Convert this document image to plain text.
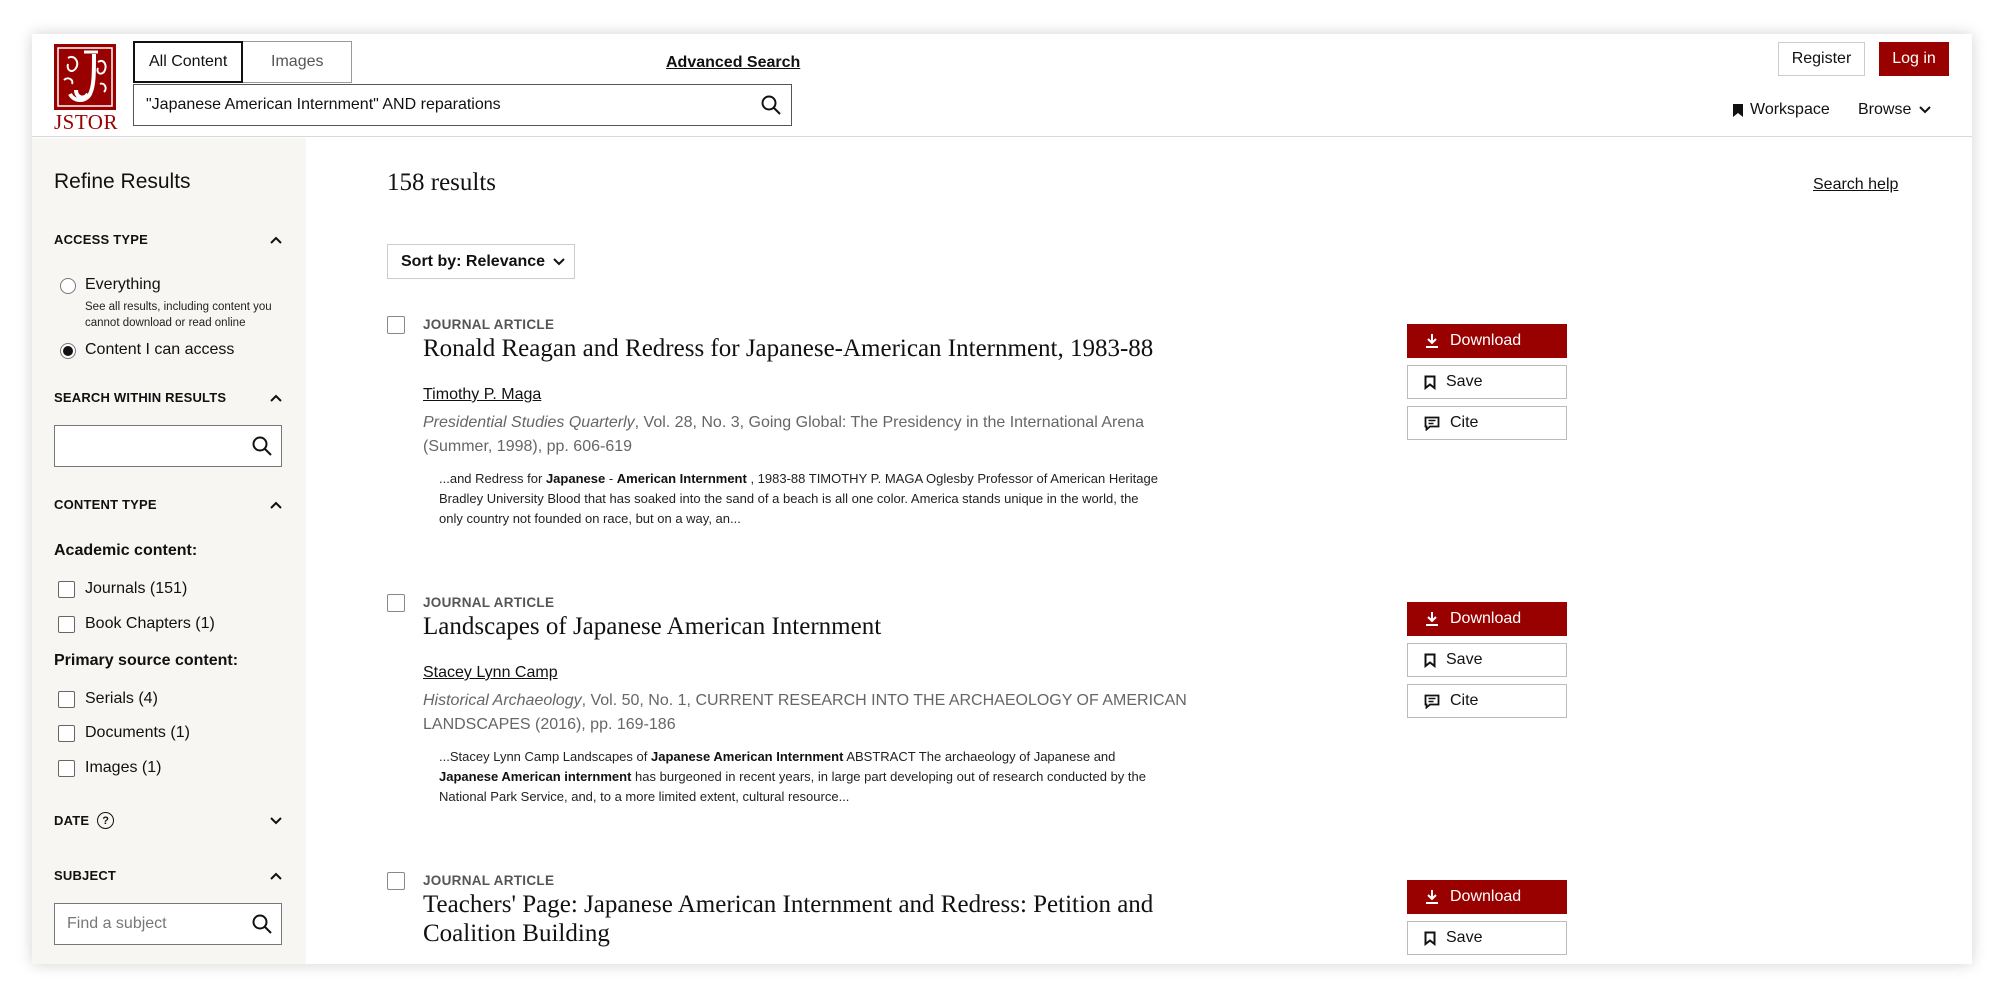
JSTOR
All Content	Images	Advanced Search
"Japanese American Internment" AND reparations
Register	Log in
Workspace Browse
Refine Results
ACCESS TYPE
Everything
See all results, including content you cannot download or read online
Content I can access
SEARCH WITHIN RESULTS
CONTENT TYPE
Academic content:
Journals (151)
Book Chapters (1)
Primary source content:
Serials (4)
Documents (1)
Images (1)
DATE	?
SUBJECT
Find a subject
158 results	Search help
Sort by: Relevance
JOURNAL ARTICLE
Ronald Reagan and Redress for Japanese-American Internment, 1983-88
Timothy P. Maga
Presidential Studies Quarterly, Vol. 28, No. 3, Going Global: The Presidency in the International Arena (Summer, 1998), pp. 606-619
...and Redress for Japanese - American Internment , 1983-88 TIMOTHY P. MAGA Oglesby Professor of American Heritage Bradley University Blood that has soaked into the sand of a beach is all one color. America stands unique in the world, the only country not founded on race, but on a way, an...
Download
Save
Cite
JOURNAL ARTICLE
Landscapes of Japanese American Internment
Stacey Lynn Camp
Historical Archaeology, Vol. 50, No. 1, CURRENT RESEARCH INTO THE ARCHAEOLOGY OF AMERICAN LANDSCAPES (2016), pp. 169-186
...Stacey Lynn Camp Landscapes of Japanese American Internment ABSTRACT The archaeology of Japanese and Japanese American internment has burgeoned in recent years, in large part developing out of research conducted by the National Park Service, and, to a more limited extent, cultural resource...
Download
Save
Cite
JOURNAL ARTICLE
Teachers' Page: Japanese American Internment and Redress: Petition and Coalition Building
Download
Save
